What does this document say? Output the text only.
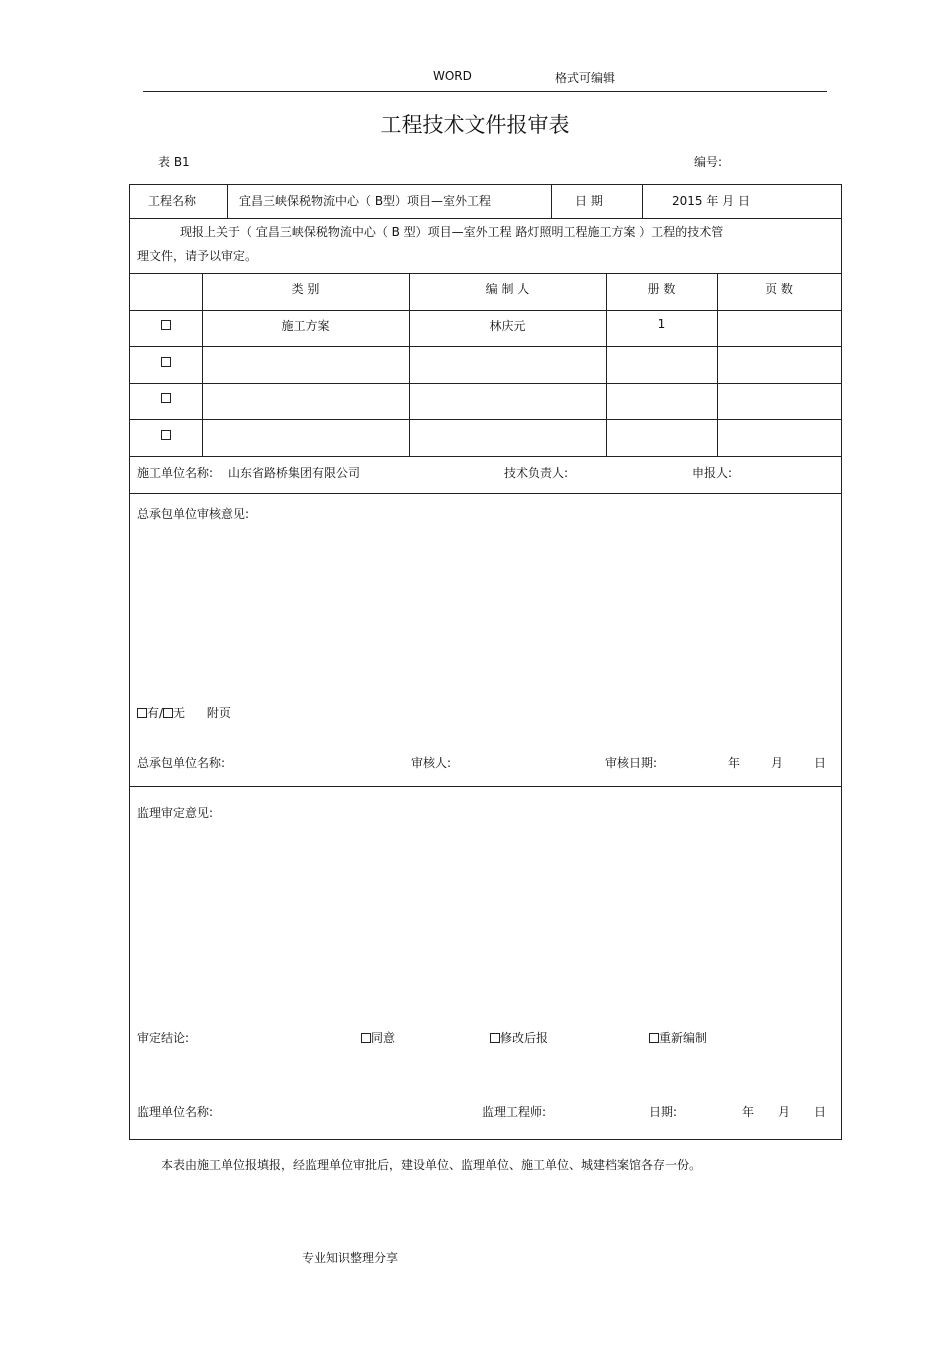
WORD	格式可编辑
工程技术文件报审表
表 B1	编号:
工程名称	宜昌三峡保税物流中心（ B型）项目—室外工程	日 期	2015 年 月 日
现报上关于（ 宜昌三峡保税物流中心（ B 型）项目—室外工程 路灯照明工程施工方案 ）工程的技术管
理文件，请予以审定。
类 别	编 制 人	册 数	页 数
施工方案	林庆元	1
施工单位名称: 山东省路桥集团有限公司	技术负责人:	申报人:
总承包单位审核意见:
有/ 无 附页
总承包单位名称:	审核人:	审核日期:	年	月	日
监理审定意见:
审定结论:	同意	修改后报	重新编制
监理单位名称:	监理工程师:	日期:	年 月 日
本表由施工单位报填报，经监理单位审批后，建设单位、监理单位、施工单位、城建档案馆各存一份。
专业知识整理分享
